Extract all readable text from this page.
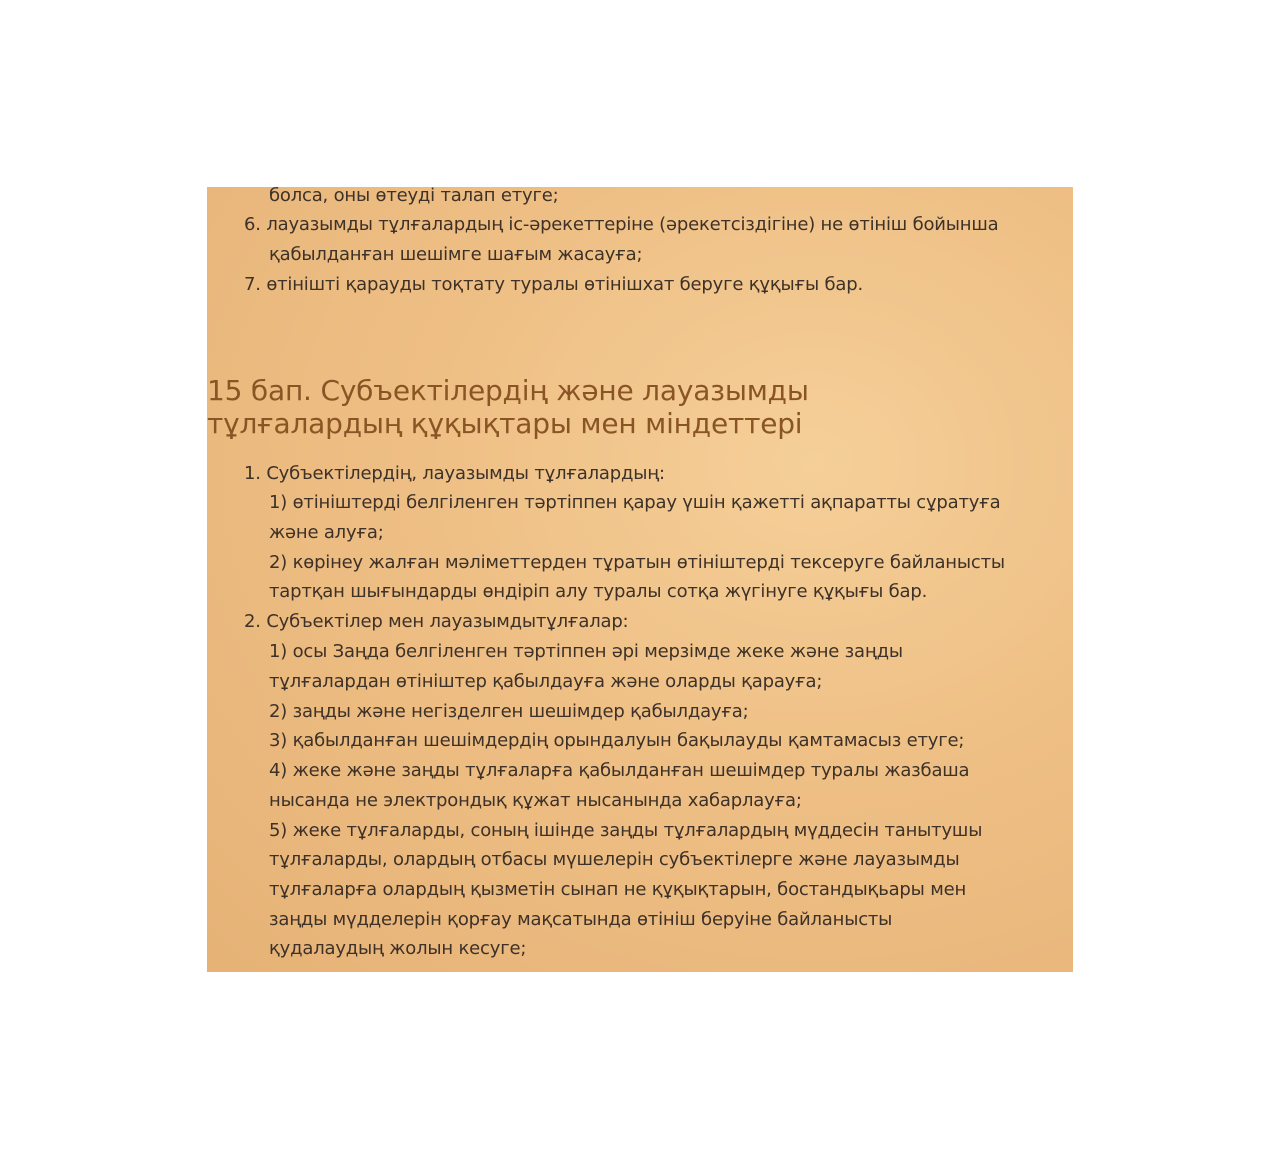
болса, оны өтеуді талап етуге;
6. лауазымды тұлғалардың іс-әрекеттеріне (әрекетсіздігіне) не өтініш бойынша
қабылданған шешімге шағым жасауға;
7. өтінішті қарауды тоқтату туралы өтінішхат беруге құқығы бар.
15 бап. Субъектілердің және лауазымды
тұлғалардың құқықтары мен міндеттері
1. Субъектілердің, лауазымды тұлғалардың:
1) өтініштерді белгіленген тәртіппен қарау үшін қажетті ақпаратты сұратуға
және алуға;
2) көрінеу жалған мәліметтерден тұратын өтініштерді тексеруге байланысты
тартқан шығындарды өндіріп алу туралы сотқа жүгінуге құқығы бар.
2. Субъектілер мен лауазымдытұлғалар:
1) осы Заңда белгіленген тәртіппен әрі мерзімде жеке және заңды
тұлғалардан өтініштер қабылдауға және оларды қарауға;
2) заңды және негізделген шешімдер қабылдауға;
3) қабылданған шешімдердің орындалуын бақылауды қамтамасыз етуге;
4) жеке және заңды тұлғаларға қабылданған шешімдер туралы жазбаша
нысанда не электрондық құжат нысанында хабарлауға;
5) жеке тұлғаларды, соның ішінде заңды тұлғалардың мүддесін танытушы
тұлғаларды, олардың отбасы мүшелерін субъектілерге және лауазымды
тұлғаларға олардың қызметін сынап не құқықтарын, бостандықьары мен
заңды мүдделерін қорғау мақсатында өтініш беруіне байланысты
қудалаудың жолын кесуге;
